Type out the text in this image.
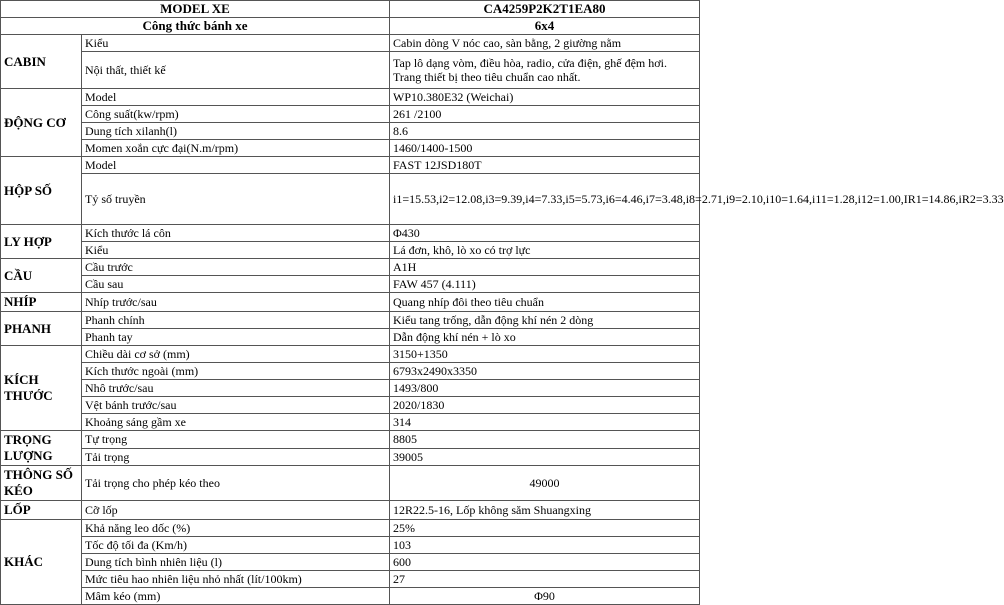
MODEL XE		CA4259P2K2T1EA80
Công thức bánh xe		6x4
CABIN	Kiểu	Cabin dòng V nóc cao, sàn bằng, 2 giường nằm
	Nội thất, thiết kế	Tap lô dạng vòm, điều hòa, radio, cửa điện, ghế đệm hơi. Trang thiết bị theo tiêu chuẩn cao nhất.
ĐỘNG CƠ	Model	WP10.380E32 (Weichai)
	Công suất(kw/rpm)	261 /2100
	Dung tích xilanh(l)	8.6
	Momen xoắn cực đại(N.m/rpm)	1460/1400-1500
HỘP SỐ	Model	FAST 12JSD180T
	Tỷ số truyền	i1=15.53,i2=12.08,i3=9.39,i4=7.33,i5=5.73,i6=4.46,i7=3.48,i8=2.71,i9=2.10,i10=1.64,i11=1.28,i12=1.00,IR1=14.86,iR2=3.33
LY HỢP	Kích thước lá côn	Φ430
	Kiểu	Lá đơn, khô, lò xo có trợ lực
CẦU	Cầu trước	A1H
	Cầu sau	FAW 457 (4.111)
NHÍP	Nhíp trước/sau	Quang nhíp đôi theo tiêu chuẩn
PHANH	Phanh chính	Kiểu tang trống, dẫn động khí nén 2 dòng
	Phanh tay	Dẫn động khí nén + lò xo
KÍCH THƯỚC	Chiều dài cơ sở (mm)	3150+1350
	Kích thước ngoài (mm)	6793x2490x3350
	Nhô trước/sau	1493/800
	Vệt bánh trước/sau	2020/1830
	Khoảng sáng gầm xe	314
TRỌNG LƯỢNG	Tự trọng	8805
	Tải trọng	39005
THÔNG SỐ KÉO	Tải trọng cho phép kéo theo	49000
LỐP	Cỡ lốp	12R22.5-16, Lốp không săm Shuangxing
KHÁC	Khả năng leo dốc (%)	25%
	Tốc độ tối đa (Km/h)	103
	Dung tích bình nhiên liệu (l)	600
	Mức tiêu hao nhiên liệu nhỏ nhất (lít/100km)	27
	Mâm kéo (mm)	Φ90
